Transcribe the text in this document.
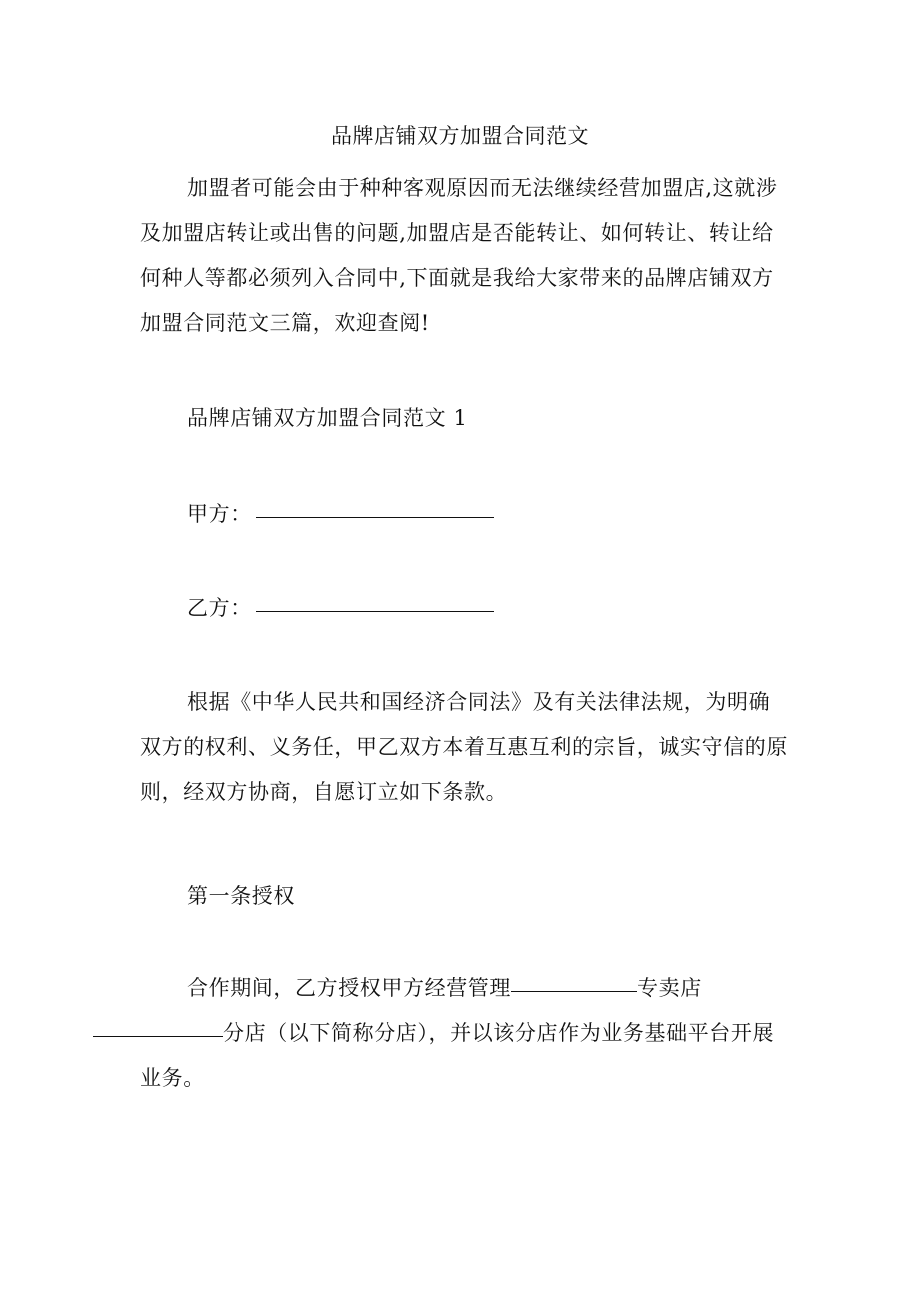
品牌店铺双方加盟合同范文
加盟者可能会由于种种客观原因而无法继续经营加盟店,这就涉及加盟店转让或出售的问题,加盟店是否能转让、如何转让、转让给何种人等都必须列入合同中,下面就是我给大家带来的品牌店铺双方加盟合同范文三篇，欢迎查阅!
品牌店铺双方加盟合同范文 1
甲方：
乙方：
根据《中华人民共和国经济合同法》及有关法律法规，为明确双方的权利、义务任，甲乙双方本着互惠互利的宗旨，诚实守信的原则，经双方协商，自愿订立如下条款。
第一条授权
合作期间，乙方授权甲方经营管理	专卖店
分店（以下简称分店），并以该分店作为业务基础平台开展业务。
